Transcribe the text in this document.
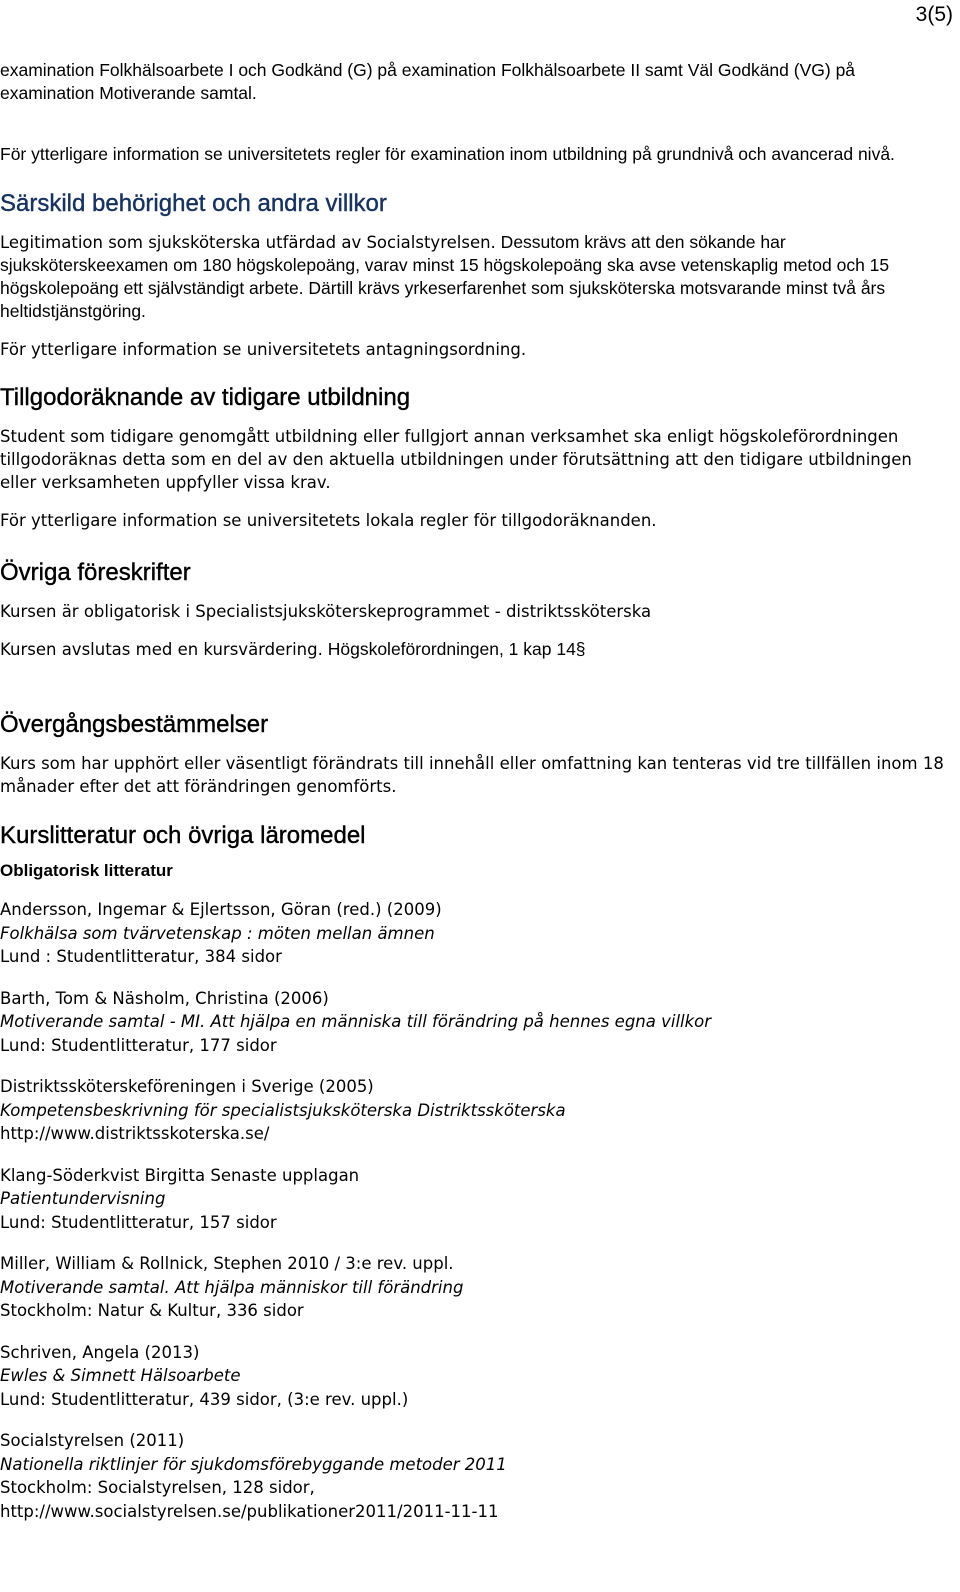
3(5)

examination Folkhälsoarbete I och Godkänd (G) på examination Folkhälsoarbete II samt Väl Godkänd (VG) på examination Motiverande samtal.

För ytterligare information se universitetets regler för examination inom utbildning på grundnivå och avancerad nivå.

Särskild behörighet och andra villkor

Legitimation som sjuksköterska utfärdad av Socialstyrelsen. Dessutom krävs att den sökande har sjuksköterskeexamen om 180 högskolepoäng, varav minst 15 högskolepoäng ska avse vetenskaplig metod och 15 högskolepoäng ett självständigt arbete. Därtill krävs yrkeserfarenhet som sjuksköterska motsvarande minst två års heltidstjänstgöring.

För ytterligare information se universitetets antagningsordning.

Tillgodoräknande av tidigare utbildning

Student som tidigare genomgått utbildning eller fullgjort annan verksamhet ska enligt högskoleförordningen tillgodoräknas detta som en del av den aktuella utbildningen under förutsättning att den tidigare utbildningen eller verksamheten uppfyller vissa krav.

För ytterligare information se universitetets lokala regler för tillgodoräknanden.

Övriga föreskrifter

Kursen är obligatorisk i Specialistsjuksköterskeprogrammet - distriktssköterska

Kursen avslutas med en kursvärdering. Högskoleförordningen, 1 kap 14§

Övergångsbestämmelser

Kurs som har upphört eller väsentligt förändrats till innehåll eller omfattning kan tenteras vid tre tillfällen inom 18 månader efter det att förändringen genomförts.

Kurslitteratur och övriga läromedel
Obligatorisk litteratur
Andersson, Ingemar & Ejlertsson, Göran (red.) (2009)
Folkhälsa som tvärvetenskap : möten mellan ämnen
Lund : Studentlitteratur, 384 sidor
Barth, Tom & Näsholm, Christina (2006)
Motiverande samtal - MI. Att hjälpa en människa till förändring på hennes egna villkor
Lund: Studentlitteratur, 177 sidor
Distriktssköterskeföreningen i Sverige (2005)
Kompetensbeskrivning för specialistsjuksköterska Distriktssköterska
http://www.distriktsskoterska.se/
Klang-Söderkvist Birgitta Senaste upplagan
Patientundervisning
Lund: Studentlitteratur, 157 sidor
Miller, William & Rollnick, Stephen 2010 / 3:e rev. uppl.
Motiverande samtal. Att hjälpa människor till förändring
Stockholm: Natur & Kultur, 336 sidor
Schriven, Angela (2013)
Ewles & Simnett Hälsoarbete
Lund: Studentlitteratur, 439 sidor, (3:e rev. uppl.)
Socialstyrelsen (2011)
Nationella riktlinjer för sjukdomsförebyggande metoder 2011
Stockholm: Socialstyrelsen, 128 sidor,
http://www.socialstyrelsen.se/publikationer2011/2011-11-11
